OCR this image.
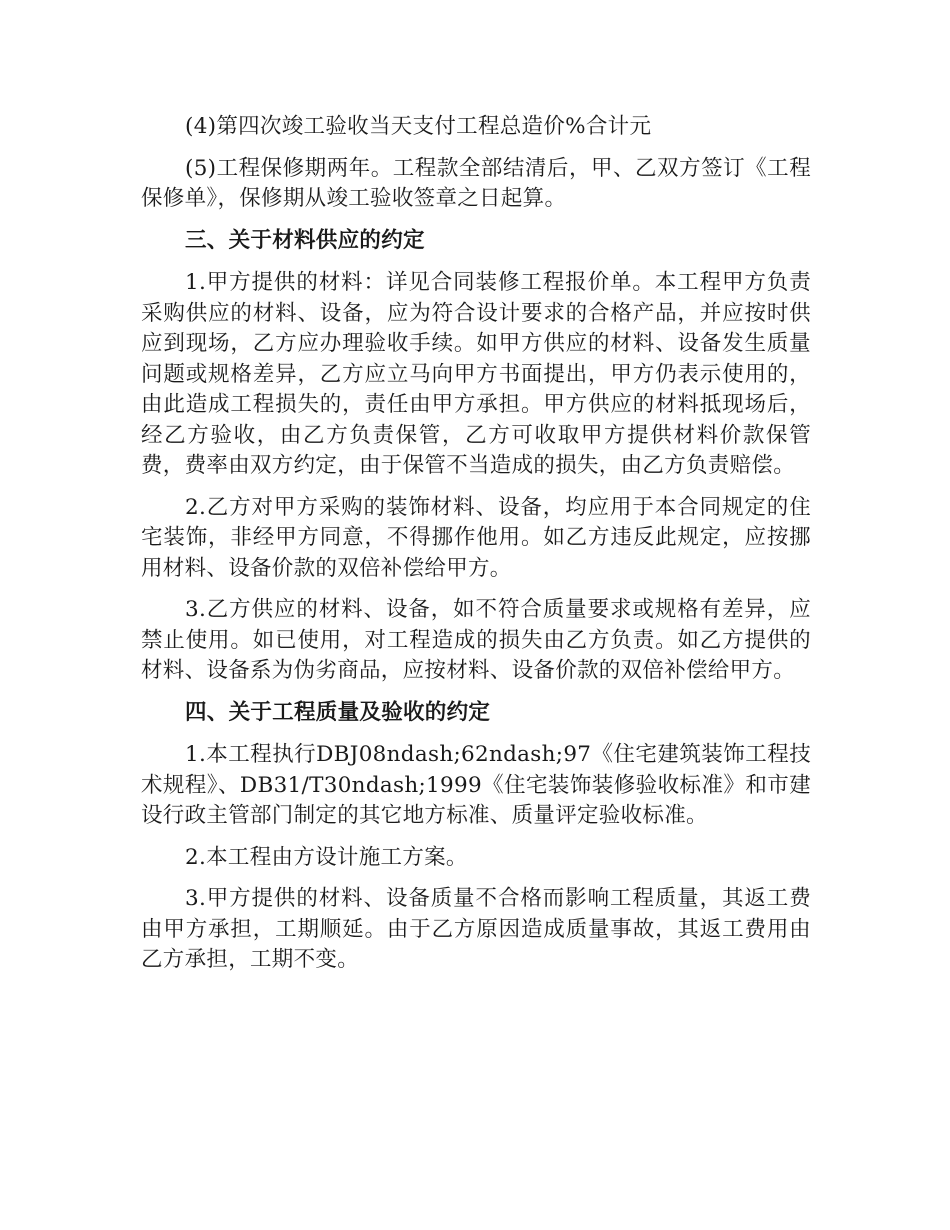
(4)第四次竣工验收当天支付工程总造价%合计元

(5)工程保修期两年。工程款全部结清后，甲、乙双方签订《工程保修单》，保修期从竣工验收签章之日起算。

三、关于材料供应的约定

1.甲方提供的材料：详见合同装修工程报价单。本工程甲方负责采购供应的材料、设备，应为符合设计要求的合格产品，并应按时供应到现场，乙方应办理验收手续。如甲方供应的材料、设备发生质量问题或规格差异，乙方应立马向甲方书面提出，甲方仍表示使用的，由此造成工程损失的，责任由甲方承担。甲方供应的材料抵现场后，经乙方验收，由乙方负责保管，乙方可收取甲方提供材料价款保管费，费率由双方约定，由于保管不当造成的损失，由乙方负责赔偿。

2.乙方对甲方采购的装饰材料、设备，均应用于本合同规定的住宅装饰，非经甲方同意，不得挪作他用。如乙方违反此规定，应按挪用材料、设备价款的双倍补偿给甲方。

3.乙方供应的材料、设备，如不符合质量要求或规格有差异，应禁止使用。如已使用，对工程造成的损失由乙方负责。如乙方提供的材料、设备系为伪劣商品，应按材料、设备价款的双倍补偿给甲方。

四、关于工程质量及验收的约定

1.本工程执行DBJ08ndash;62ndash;97《住宅建筑装饰工程技术规程》、DB31/T30ndash;1999《住宅装饰装修验收标准》和市建设行政主管部门制定的其它地方标准、质量评定验收标准。

2.本工程由方设计施工方案。

3.甲方提供的材料、设备质量不合格而影响工程质量，其返工费由甲方承担，工期顺延。由于乙方原因造成质量事故，其返工费用由乙方承担，工期不变。
